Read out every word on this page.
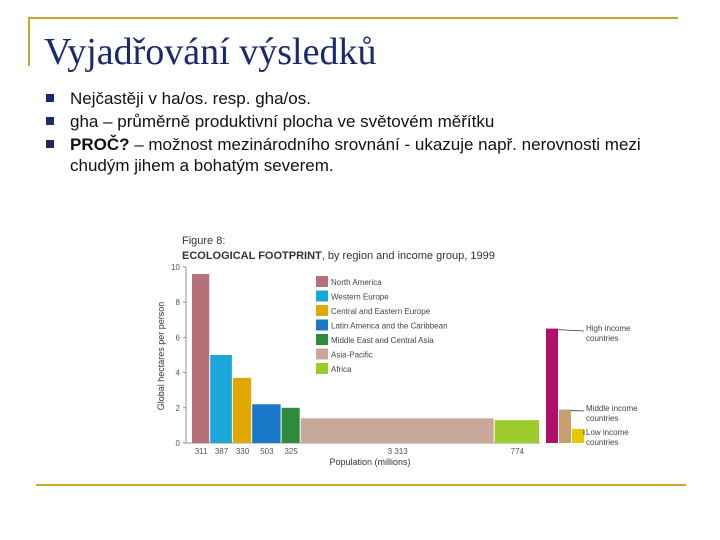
Vyjadřování výsledků
Nejčastěji v ha/os. resp. gha/os.
gha – průměrně produktivní plocha ve světovém měřítku
PROČ? – možnost mezinárodního srovnání - ukazuje např. nerovnosti mezi chudým jihem a bohatým severem.
Figure 8:
ECOLOGICAL FOOTPRINT, by region and income group, 1999
Global hectares per person
Population (millions)
0
2
4
6
8
10
311 387 330 503 325	3 313	774
North America
Western Europe
Central and Eastern Europe
Latin America and the Caribbean
Middle East and Central Asia
Asia-Pacific
Africa
High income
countries
Middle income
countries
Low income
countries
